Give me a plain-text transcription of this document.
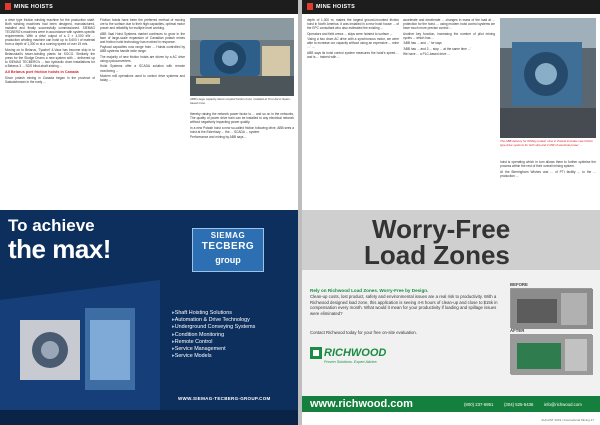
MINE HOISTS

a drive type friction winding machine for the production shaft. Both winding machines had been designed, manufactured, installed and finally successfully commissioned. SIEMAG TECBERG's machines were in accordance with system-specific requirements. With a drive output of a 2 × 4,000 kW ... production winding machine can hoist up to 5,600 t of material from a depth of 1,300 m at a running speed of over 15 m/s.

Moving on to Belarus, 'Tyazhel' 4-Vauz has become ship in to Belaruskali's tower-hoisting plants for SOCO. Similarly the press for the Sludge Drums a new system with ... delivered up to SIEMAG TECBERG's ... two hydraulic drum installations for a Belarus 3 ... SDS blind-shaft sinking ...

All Belarus port friction hoists in Canada

Since potash mining in Canada began in the province of Saskatchewan in the early ...

Friction hoists have been the preferred method of moving ore to the surface due to their high capacities, optimal motor power and reliability for multiple level working.

ABB Vaal Hoist Systems market continues to grow in the face of large-scale expansion of Canadian potash mines and friction hoist technology has evolved in response.

Payload capacities now range from ... Hoists controlled by ABB systems handle wide range.

The majority of new friction hoists are driven by a AC drive using cycloconverters.

Hoist Systems offer a SCADA solution with remote monitoring ...

Modern mill operations used to control drive systems and today ...

ABB's large capacity direct-coupled friction hoist, installed at Toro Zai in Spain-based mine.

thereby raising the network power factor to ... and so on in the networks. The quality of power drive train can be installed to any electrical network without negatively impacting power quality.

In a new Potash hoist a new so-called friction following drive, ABB sees a hoist at the Esterhazy ... the ... SCADA ... system

Performance and mining by ABB says ...

To achieve
the max!	SIEMAG
TECBERG
group
▸ Shaft Hoisting Solutions
▸ Automation & Drive Technology
▸ Underground Conveying Systems
▸ Condition Monitoring
▸ Remote Control
▸ Service Management
▸ Service Models
WWW.SIEMAG-TECBERG-GROUP.COM
MINE HOISTS

depth of 1,300 m, makes the largest ground-mounted friction hoist in North America. It was installed in a new hoist house ... of the EPC consultant who also estimated the existing ...

Operators and field crews ... skips were hoisted to surface ...

'Using a two drum AC drive with a synchronous motor, we were able to increase our capacity without using an expensive ... mine ... ' ...

ABB says its hoist control system measures the hoist's speed ... and is ... trained with ...

accelerate and decelerate ... changes in mass of the load at ... protection for the hoist. ... using modern hoist control systems we have much more precise control ...

Another key function, increasing the number of pilot mining cycles ... which has ...

'ABB has ... and ...' he says

'ABB has ... and 3 ... stop ... at the same time ...'

We have ... a PLC-based drive ...

The ABB delivery for Whitley potash mine in Poland includes new friction type drive systems for both skip and 4 MW of electrical power ...

hoist is operating which in turn allows them to further optimise the process within the rest of their overall mining system.

At the Birmingham Wishes and ... of PTI facility ... to the ... production ...

Worry-Free
Load Zones
Rely on Richwood Load Zones. Worry-Free by Design.
Clean-up costs, lost product, safety and environmental issues are a real risk to productivity. With a Richwood designed load zone, this application is seeing 4-6 hours of clean-up and close to $15k in compensation every month. What would it mean for your productivity if loading and spillage issues were eliminated?
Contact Richwood today for your free on-site evaluation.
RICHWOOD
Proven Solutions. Expert Advice.
BEFORE
AFTER
www.richwood.com	(800) 237-6951 (304) 525-5436 info@richwood.com
AUGUST 2019 | International Mining 47
